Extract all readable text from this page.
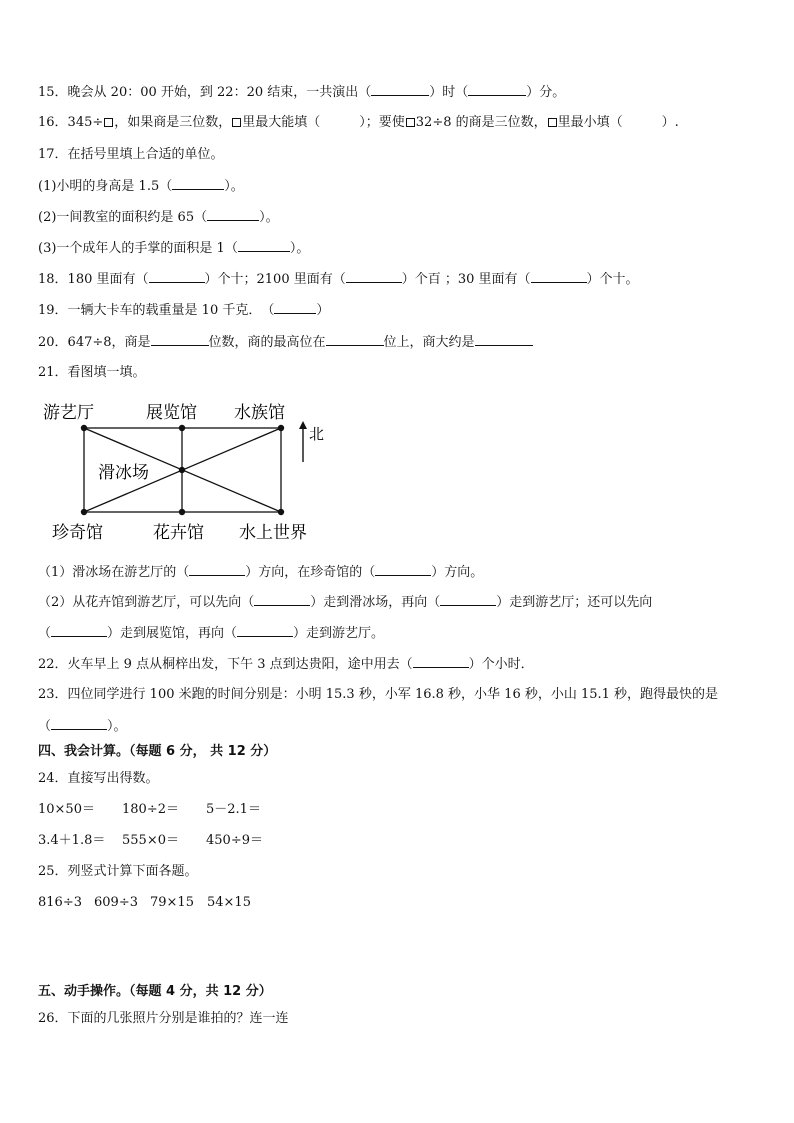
15．晚会从 20：00 开始，到 22：20 结束，一共演出（	）时（	）分。
16．345÷ ，如果商是三位数， 里最大能填（　　　）；要使 32÷8 的商是三位数， 里最小填（　　　）.
17．在括号里填上合适的单位。
(1)小明的身高是 1.5（	）。
(2)一间教室的面积约是 65（	）。
(3)一个成年人的手掌的面积是 1（	）。
18．180 里面有（	）个十；2100 里面有（	）个百 ；30 里面有（	）个十。
19．一辆大卡车的载重量是 10 千克．　（	）
20．647÷8，商是	位数，商的最高位在	位上，商大约是
21．看图填一填。
游艺厅	展览馆 水族馆
滑冰场
珍奇馆	花卉馆 水上世界
北
（1）滑冰场在游艺厅的（	）方向，在珍奇馆的（	）方向。
（2）从花卉馆到游艺厅，可以先向（	）走到滑冰场，再向（	）走到游艺厅；还可以先向
（	）走到展览馆，再向（	）走到游艺厅。
22．火车早上 9 点从桐梓出发，下午 3 点到达贵阳，途中用去（	）个小时．
23．四位同学进行 100 米跑的时间分别是：小明 15.3 秒，小军 16.8 秒，小华 16 秒，小山 15.1 秒，跑得最快的是
（	）。
四、我会计算。（每题 6 分， 共 12 分）
24．直接写出得数。
10×50＝ 180÷2＝ 5－2.1＝
3.4＋1.8＝ 555×0＝ 450÷9＝
25．列竖式计算下面各题。
816÷3 609÷3 79×15 54×15
五、动手操作。（每题 4 分，共 12 分）
26．下面的几张照片分别是谁拍的？连一连
